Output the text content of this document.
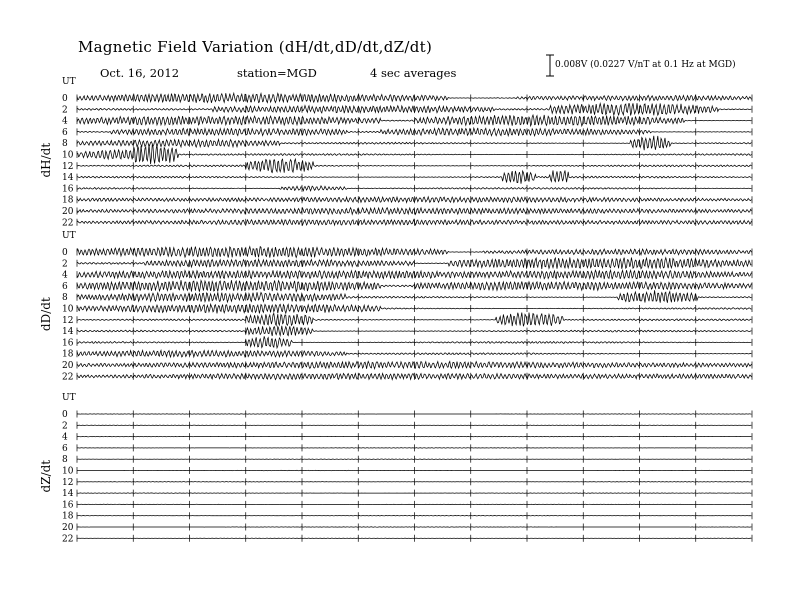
Magnetic Field Variation (dH/dt,dD/dt,dZ/dt)
Oct. 16, 2012	station=MGD	4 sec averages
0.008V (0.0227 V/nT at 0.1 Hz at MGD)
UT
dH/dt
0
2
4
6
8
10
12
14
16
18
20
22
UT
dD/dt
0
2
4
6
8
10
12
14
16
18
20
22
UT
dZ/dt
0
2
4
6
8
10
12
14
16
18
20
22
